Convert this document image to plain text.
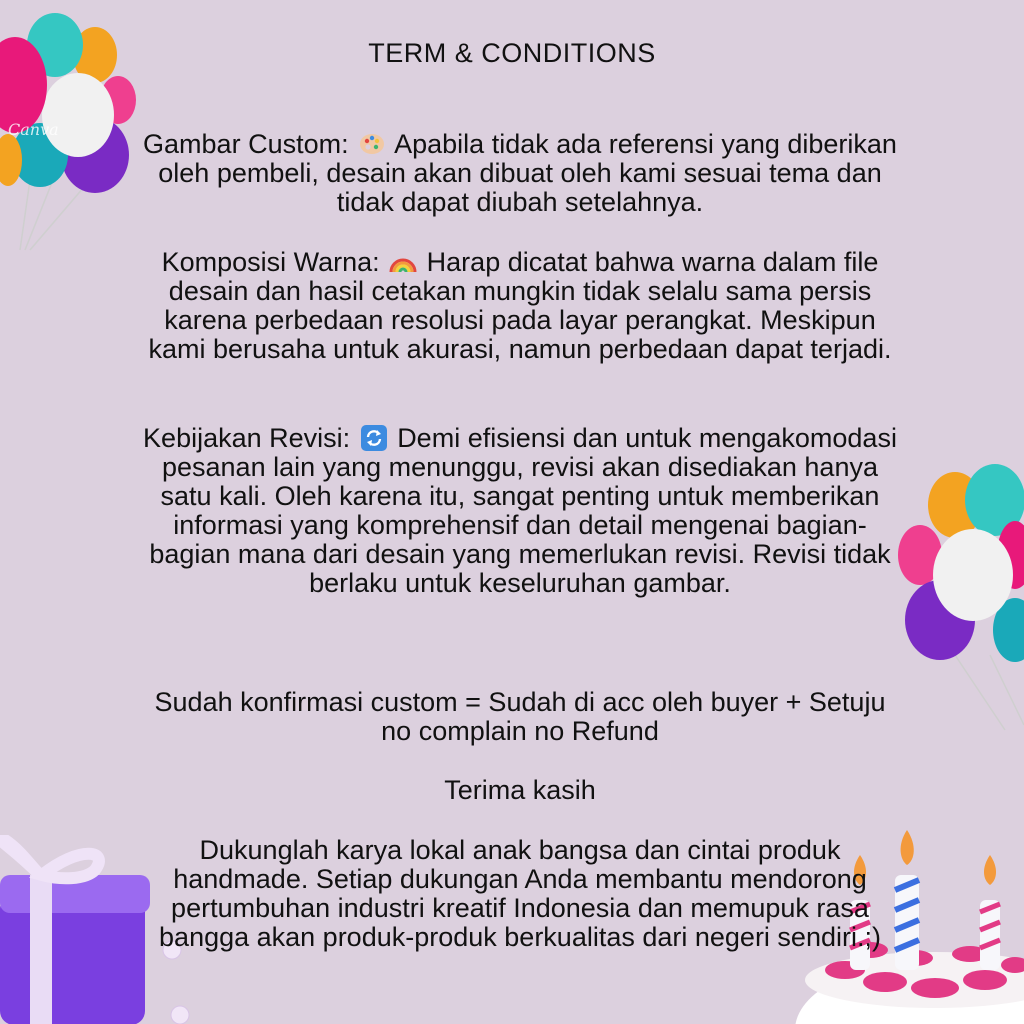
Canva
TERM & CONDITIONS
Gambar Custom: Apabila tidak ada referensi yang diberikan oleh pembeli, desain akan dibuat oleh kami sesuai tema dan tidak dapat diubah setelahnya.
Komposisi Warna: Harap dicatat bahwa warna dalam file desain dan hasil cetakan mungkin tidak selalu sama persis karena perbedaan resolusi pada layar perangkat. Meskipun kami berusaha untuk akurasi, namun perbedaan dapat terjadi.
Kebijakan Revisi: Demi efisiensi dan untuk mengakomodasi pesanan lain yang menunggu, revisi akan disediakan hanya satu kali. Oleh karena itu, sangat penting untuk memberikan informasi yang komprehensif dan detail mengenai bagian-bagian mana dari desain yang memerlukan revisi. Revisi tidak berlaku untuk keseluruhan gambar.
Sudah konfirmasi custom = Sudah di acc oleh buyer + Setuju no complain no Refund
Terima kasih
Dukunglah karya lokal anak bangsa dan cintai produk handmade. Setiap dukungan Anda membantu mendorong pertumbuhan industri kreatif Indonesia dan memupuk rasa bangga akan produk-produk berkualitas dari negeri sendiri.;)
